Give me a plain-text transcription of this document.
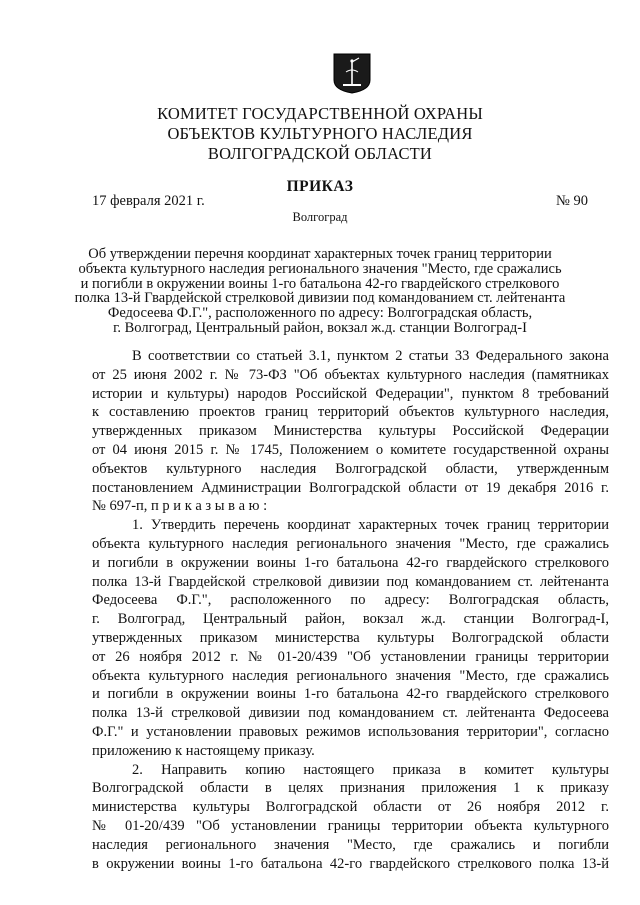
КОМИТЕТ ГОСУДАРСТВЕННОЙ ОХРАНЫ
ОБЪЕКТОВ КУЛЬТУРНОГО НАСЛЕДИЯ
ВОЛГОГРАДСКОЙ ОБЛАСТИ
ПРИКАЗ
17 февраля 2021 г.	№ 90
Волгоград
Об утверждении перечня координат характерных точек границ территории
объекта культурного наследия регионального значения "Место, где сражались
и погибли в окружении воины 1-го батальона 42-го гвардейского стрелкового
полка 13-й Гвардейской стрелковой дивизии под командованием ст. лейтенанта
Федосеева Ф.Г.", расположенного по адресу: Волгоградская область,
г. Волгоград, Центральный район, вокзал ж.д. станции Волгоград-I
В соответствии со статьей 3.1, пунктом 2 статьи 33 Федерального закона
от 25 июня 2002 г. № 73-ФЗ "Об объектах культурного наследия (памятниках
истории и культуры) народов Российской Федерации", пунктом 8 требований
к составлению проектов границ территорий объектов культурного наследия,
утвержденных приказом Министерства культуры Российской Федерации
от 04 июня 2015 г. № 1745, Положением о комитете государственной охраны
объектов культурного наследия Волгоградской области, утвержденным
постановлением Администрации Волгоградской области от 19 декабря 2016 г.
№ 697-п, п р и к а з ы в а ю :
1. Утвердить перечень координат характерных точек границ территории
объекта культурного наследия регионального значения "Место, где сражались
и погибли в окружении воины 1-го батальона 42-го гвардейского стрелкового
полка 13-й Гвардейской стрелковой дивизии под командованием ст. лейтенанта
Федосеева Ф.Г.", расположенного по адресу: Волгоградская область,
г. Волгоград, Центральный район, вокзал ж.д. станции Волгоград-I,
утвержденных приказом министерства культуры Волгоградской области
от 26 ноября 2012 г. № 01-20/439 "Об установлении границы территории
объекта культурного наследия регионального значения "Место, где сражались
и погибли в окружении воины 1-го батальона 42-го гвардейского стрелкового
полка 13-й стрелковой дивизии под командованием ст. лейтенанта Федосеева
Ф.Г." и установлении правовых режимов использования территории", согласно
приложению к настоящему приказу.
2. Направить копию настоящего приказа в комитет культуры
Волгоградской области в целях признания приложения 1 к приказу
министерства культуры Волгоградской области от 26 ноября 2012 г.
№ 01-20/439 "Об установлении границы территории объекта культурного
наследия регионального значения "Место, где сражались и погибли
в окружении воины 1-го батальона 42-го гвардейского стрелкового полка 13-й
